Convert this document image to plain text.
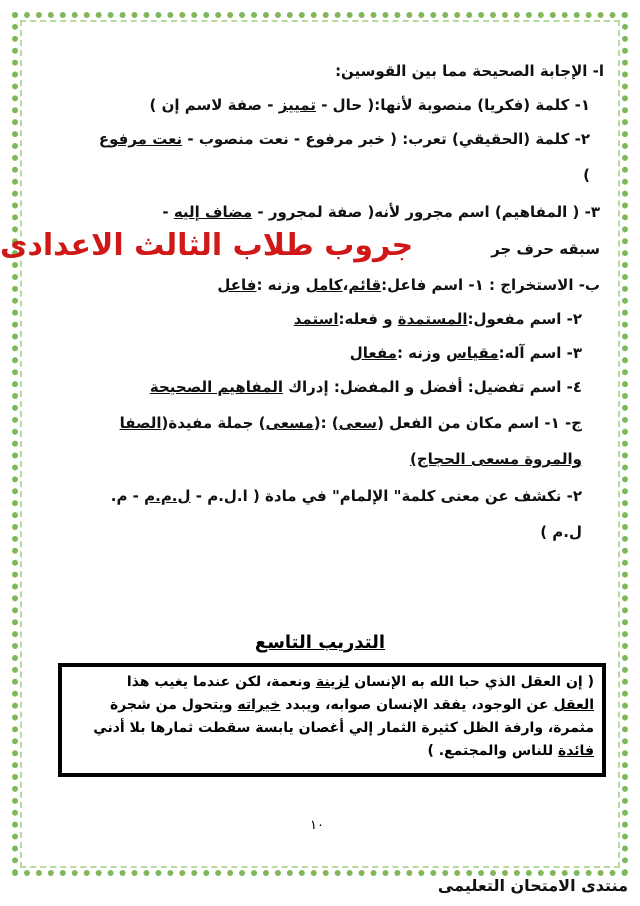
ا- الإجابة الصحيحة مما بين القوسين:
١- كلمة (فكريا) منصوبة لأنها:( حال - تمييز - صفة لاسم إن )
٢- كلمة (الحقيقي) تعرب: ( خبر مرفوع - نعت منصوب - نعت مرفوع
)
٣- ( المفاهيم) اسم مجرور لأنه( صفة لمجرور - مضاف إليه -
سبقه حرف جر
ب- الاستخراج : ١- اسم فاعل:قائم،كامل وزنه :فاعل
٢- اسم مفعول:المستمدة و فعله:استمد
٣- اسم آله:مقياس وزنه :مفعال
٤- اسم تفضيل: أفضل و المفضل: إدراك المفاهيم الصحيحة
ج- ١- اسم مكان من الفعل (سعى) :(مسعى) جملة مفيدة(الصفا
والمروة مسعى الحجاج)
٢- نكشف عن معنى كلمة" الإلمام" في مادة ( ا.ل.م - ل.م.م - م.
ل.م )
جروب طلاب الثالث الاعدادى
التدريب التاسع
( إن العقل الذي حبا الله به الإنسان لزينة ونعمة، لكن عندما يغيب هذا
العقل عن الوجود، يفقد الإنسان صوابه، ويبدد خيراته ويتحول من شجرة
مثمرة، وارفة الظل كثيرة الثمار إلي أغصان يابسة سقطت ثمارها بلا أدني
فائدة للناس والمجتمع. )
١٠
منتدى الامتحان التعليمى
